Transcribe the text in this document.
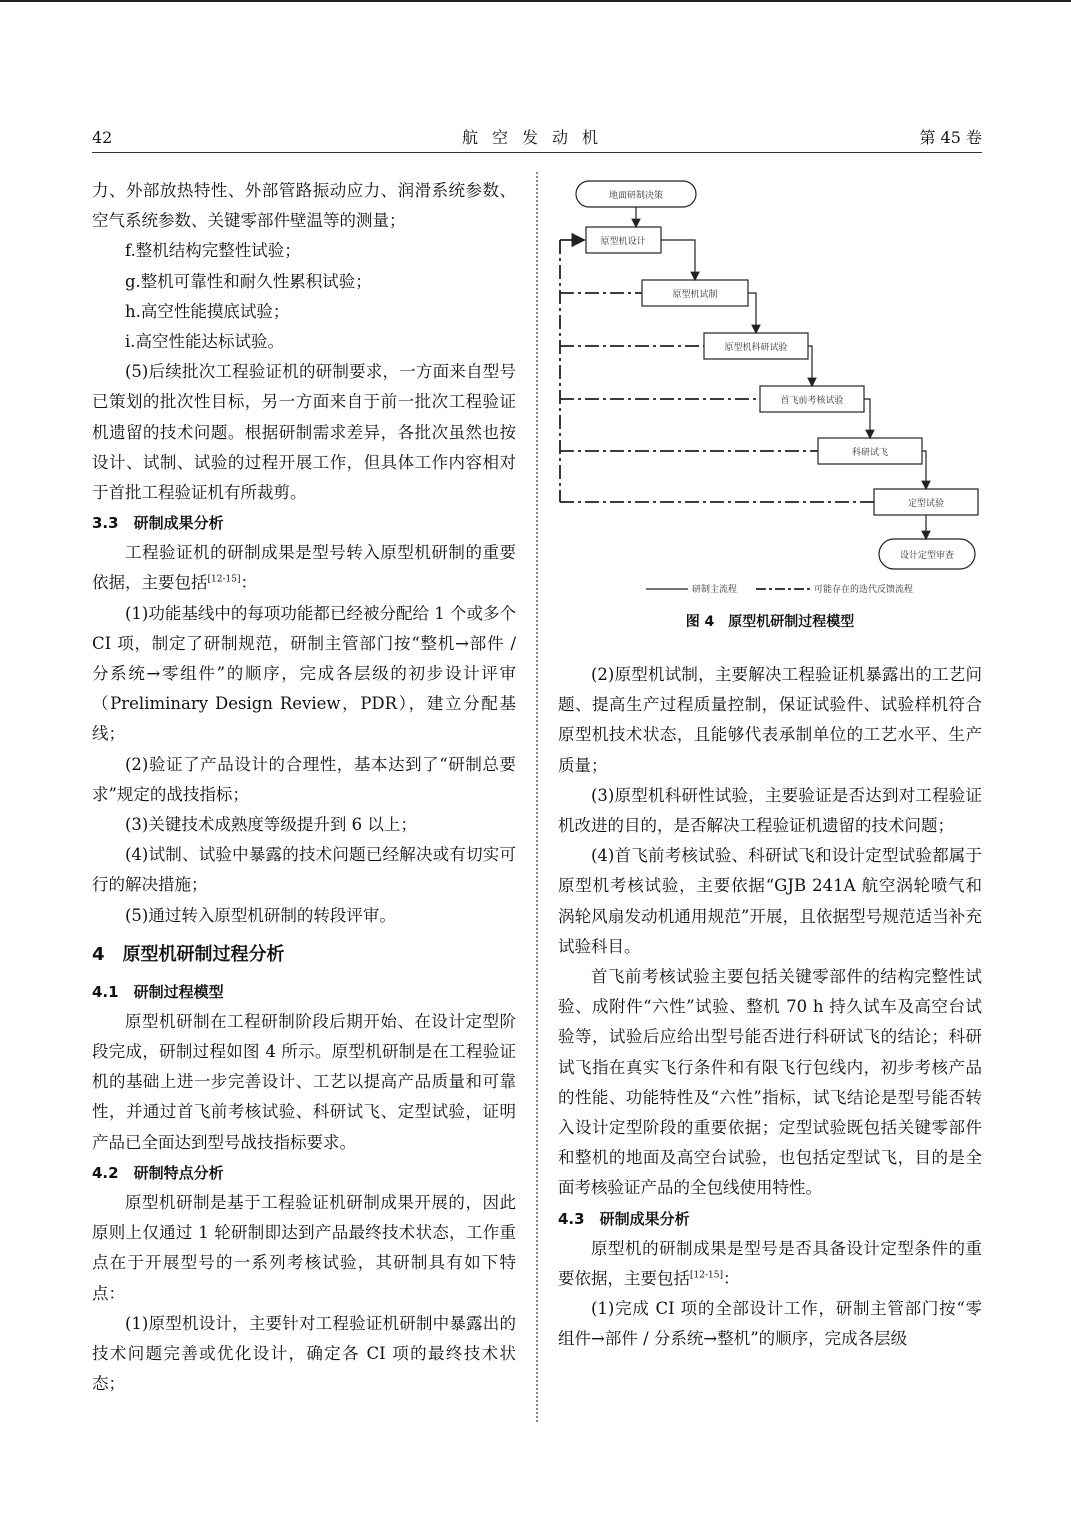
42	航空发动机	第 45 卷

力、外部放热特性、外部管路振动应力、润滑系统参数、空气系统参数、关键零部件壁温等的测量；

f.整机结构完整性试验；

g.整机可靠性和耐久性累积试验；

h.高空性能摸底试验；

i.高空性能达标试验。

(5)后续批次工程验证机的研制要求，一方面来自型号已策划的批次性目标，另一方面来自于前一批次工程验证机遗留的技术问题。根据研制需求差异，各批次虽然也按设计、试制、试验的过程开展工作，但具体工作内容相对于首批工程验证机有所裁剪。

3.3　研制成果分析

工程验证机的研制成果是型号转入原型机研制的重要依据，主要包括[12-15]：

(1)功能基线中的每项功能都已经被分配给 1 个或多个 CI 项，制定了研制规范，研制主管部门按“整机→部件 / 分系统→零组件”的顺序，完成各层级的初步设计评审（Preliminary Design Review，PDR），建立分配基线；

(2)验证了产品设计的合理性，基本达到了“研制总要求”规定的战技指标；

(3)关键技术成熟度等级提升到 6 以上；

(4)试制、试验中暴露的技术问题已经解决或有切实可行的解决措施；

(5)通过转入原型机研制的转段评审。

4　原型机研制过程分析
4.1　研制过程模型

原型机研制在工程研制阶段后期开始、在设计定型阶段完成，研制过程如图 4 所示。原型机研制是在工程验证机的基础上进一步完善设计、工艺以提高产品质量和可靠性，并通过首飞前考核试验、科研试飞、定型试验，证明产品已全面达到型号战技指标要求。

4.2　研制特点分析

原型机研制是基于工程验证机研制成果开展的，因此原则上仅通过 1 轮研制即达到产品最终技术状态，工作重点在于开展型号的一系列考核试验，其研制具有如下特点：

(1)原型机设计，主要针对工程验证机研制中暴露出的技术问题完善或优化设计，确定各 CI 项的最终技术状态；

地面研制决策
原型机设计
原型机试制
原型机科研试验
首飞前考核试验
科研试飞
定型试验
设计定型审查
研制主流程	可能存在的迭代反馈流程
图 4　原型机研制过程模型

(2)原型机试制，主要解决工程验证机暴露出的工艺问题、提高生产过程质量控制，保证试验件、试验样机符合原型机技术状态，且能够代表承制单位的工艺水平、生产质量；

(3)原型机科研性试验，主要验证是否达到对工程验证机改进的目的，是否解决工程验证机遗留的技术问题；

(4)首飞前考核试验、科研试飞和设计定型试验都属于原型机考核试验，主要依据“GJB 241A 航空涡轮喷气和涡轮风扇发动机通用规范”开展，且依据型号规范适当补充试验科目。

首飞前考核试验主要包括关键零部件的结构完整性试验、成附件“六性”试验、整机 70 h 持久试车及高空台试验等，试验后应给出型号能否进行科研试飞的结论；科研试飞指在真实飞行条件和有限飞行包线内，初步考核产品的性能、功能特性及“六性”指标，试飞结论是型号能否转入设计定型阶段的重要依据；定型试验既包括关键零部件和整机的地面及高空台试验，也包括定型试飞，目的是全面考核验证产品的全包线使用特性。

4.3　研制成果分析

原型机的研制成果是型号是否具备设计定型条件的重要依据，主要包括[12-15]：

(1)完成 CI 项的全部设计工作，研制主管部门按“零组件→部件 / 分系统→整机”的顺序，完成各层级
